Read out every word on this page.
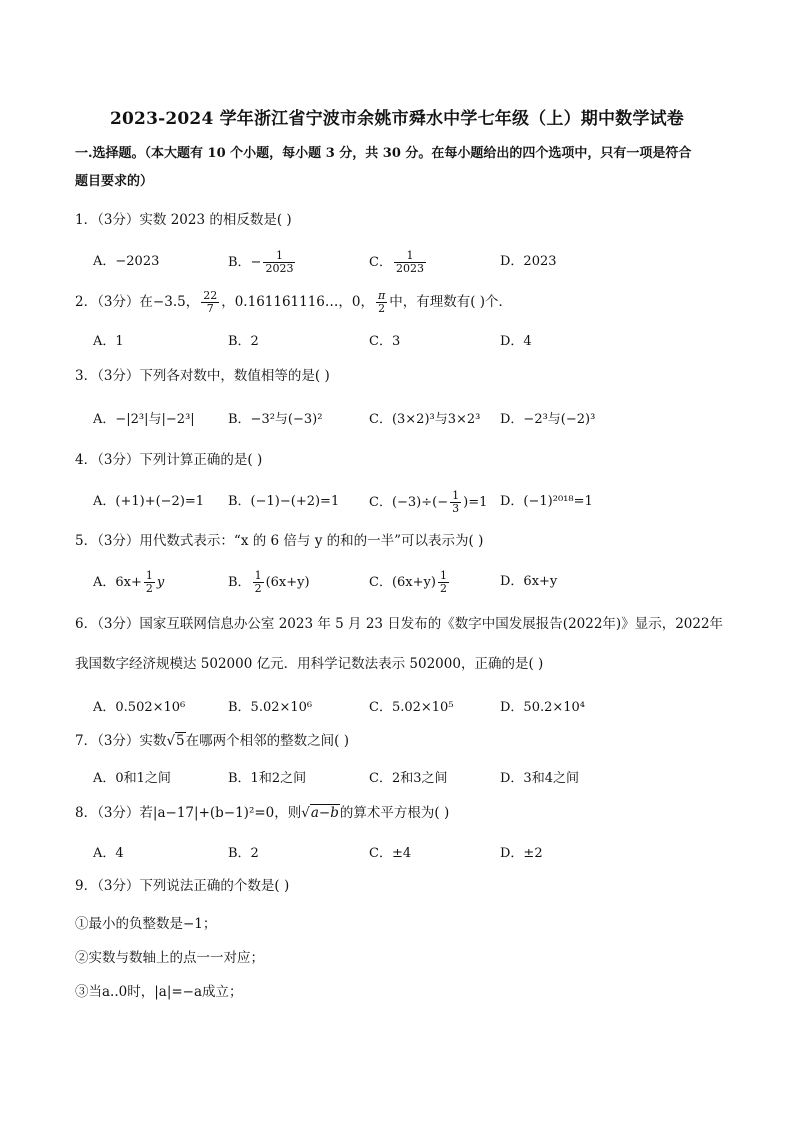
2023-2024 学年浙江省宁波市余姚市舜水中学七年级（上）期中数学试卷
一.选择题。（本大题有 10 个小题，每小题 3 分，共 30 分。在每小题给出的四个选项中，只有一项是符合
题目要求的）
1．（3分）实数 2023 的相反数是( )
A．−2023	B．− $\frac{1}{2023}$	C． $\frac{1}{2023}$	D．2023
2．（3分）在−3.5， $\frac{22}{7}$ ，0.161161116…，0， $\frac{\pi}{2}$ 中，有理数有( )个．
A．1	B．2	C．3	D．4
3．（3分）下列各对数中，数值相等的是( )
A．−|2³|与|−2³|	B．−3²与(−3)²	C．(3×2)³与3×2³ D．−2³与(−2)³
4．（3分）下列计算正确的是( )
A．(+1)+(−2)=1 B．(−1)−(+2)=1 C．$(-3)\div(- \frac{1}{3} )=1$ D．(−1)²⁰¹⁸=1
5．（3分）用代数式表示：“x 的 6 倍与 y 的和的一半”可以表示为( )
A．$6x+ \frac{1}{2}$ y	B． $\frac{1}{2} (6x+y)$	C．$(6x+y) \frac{1}{2}$	D．6x+y
6．（3分）国家互联网信息办公室 2023 年 5 月 23 日发布的《数字中国发展报告(2022年)》显示，2022年
我国数字经济规模达 502000 亿元．用科学记数法表示 502000，正确的是( )
A．0.502×10⁶	B．5.02×10⁶	C．5.02×10⁵	D．50.2×10⁴
7．（3分）实数√5在哪两个相邻的整数之间( )
A．0和1之间	B．1和2之间	C．2和3之间	D．3和4之间
8．（3分）若|a−17|+(b−1)²=0，则√a−b的算术平方根为( )
A．4	B．2	C．±4	D．±2
9．（3分）下列说法正确的个数是( )
①最小的负整数是−1；
②实数与数轴上的点一一对应；
③当a..0时，|a|=−a成立；
